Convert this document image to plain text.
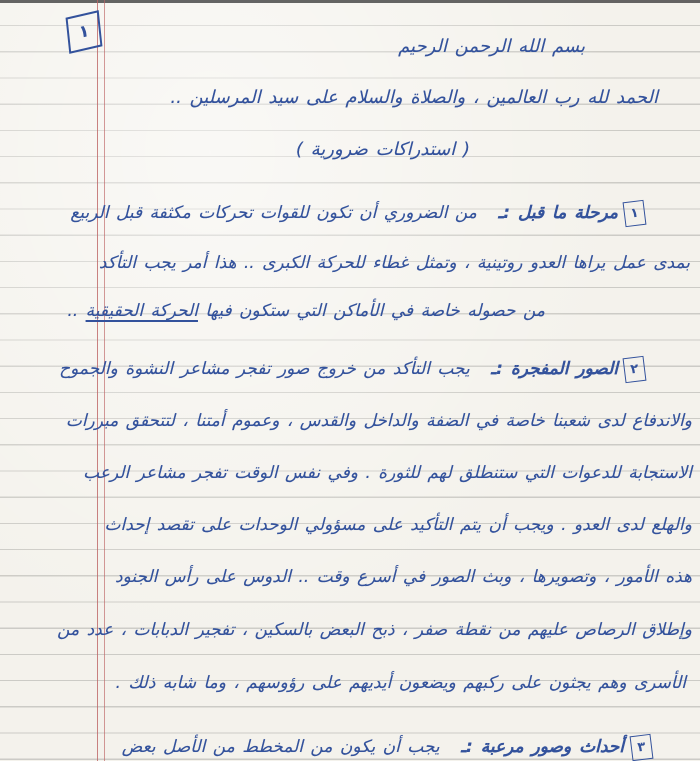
١
بسم الله الرحمن الرحيم
الحمد لله رب العالمين ، والصلاة والسلام على سيد المرسلين ..
( استدراكات ضرورية )
١
مرحلة ما قبل :ـ من الضروري أن تكون للقوات تحركات مكثفة قبل الربيع
بمدى عمل يراها العدو روتينية ، وتمثل غطاء للحركة الكبرى .. هذا أمر يجب التأكد
من حصوله خاصة في الأماكن التي ستكون فيها الحركة الحقيقية ..
٢
الصور المفجرة :ـ يجب التأكد من خروج صور تفجر مشاعر النشوة والجموح
والاندفاع لدى شعبنا خاصة في الضفة والداخل والقدس ، وعموم أمتنا ، لتتحقق مبررات
الاستجابة للدعوات التي ستنطلق لهم للثورة . وفي نفس الوقت تفجر مشاعر الرعب
والهلع لدى العدو . ويجب أن يتم التأكيد على مسؤولي الوحدات على تقصد إحداث
هذه الأمور ، وتصويرها ، وبث الصور في أسرع وقت .. الدوس على رأس الجنود
وإطلاق الرصاص عليهم من نقطة صفر ، ذبح البعض بالسكين ، تفجير الدبابات ، عدد من
الأسرى وهم يجثون على ركبهم ويضعون أيديهم على رؤوسهم ، وما شابه ذلك .
٣
أحداث وصور مرعبة :ـ يجب أن يكون من المخطط من الأصل بعض
